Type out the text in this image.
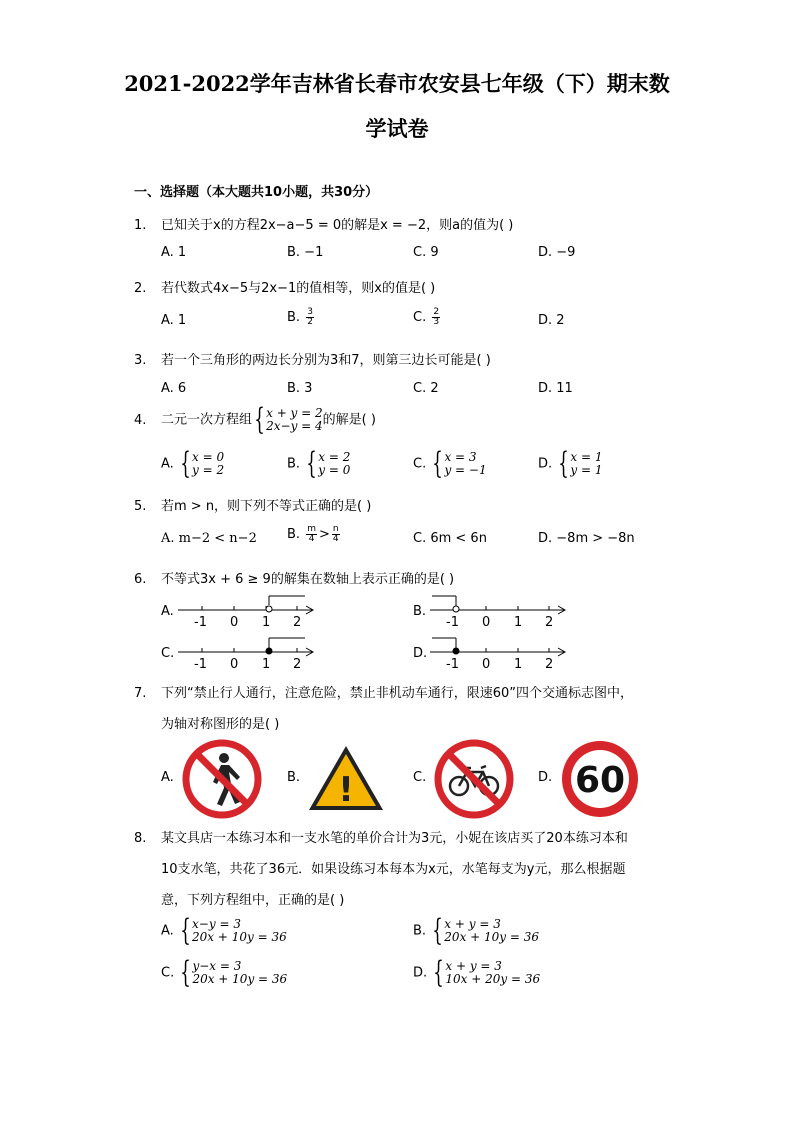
2021-2022学年吉林省长春市农安县七年级（下）期末数
学试卷
一、选择题（本大题共10小题，共30分）
1. 已知关于x的方程2x−a−5 = 0的解是x = −2，则a的值为( )
A. 1	B. −1	C. 9	D. −9
2. 若代数式4x−5与2x−1的值相等，则x的值是( )
A. 1	B. $\frac{3}{2}$	C. $\frac{2}{3}$	D. 2
3. 若一个三角形的两边长分别为3和7，则第三边长可能是( )
A. 6	B. 3	C. 2	D. 11
4. 二元一次方程组 { x + y = 2
2x−y = 4 的解是( )
A. { x = 0
y = 2	B. { x = 2
y = 0	C. { x = 3
y = −1	D. { x = 1
y = 1
5. 若m > n，则下列不等式正确的是( )
A. m−2 < n−2 B. $\frac{m}{4} > \frac{n}{4}$	C. 6m < 6n	D. −8m > −8n
6. 不等式3x + 6 ≥ 9的解集在数轴上表示正确的是( )
A.
-1 0 1 2
B.
-1 0 1 2
C.
-1 0 1 2
D.
-1 0 1 2
7. 下列“禁止行人通行，注意危险，禁止非机动车通行，限速60”四个交通标志图中，
为轴对称图形的是( )
A.	B. !	C.	D. 60
8. 某文具店一本练习本和一支水笔的单价合计为3元，小妮在该店买了20本练习本和
10支水笔，共花了36元．如果设练习本每本为x元，水笔每支为y元，那么根据题
意，下列方程组中，正确的是( )
A. { x−y = 3
20x + 10y = 36	B. { x + y = 3
20x + 10y = 36
C. { y−x = 3
20x + 10y = 36	D. { x + y = 3
10x + 20y = 36
